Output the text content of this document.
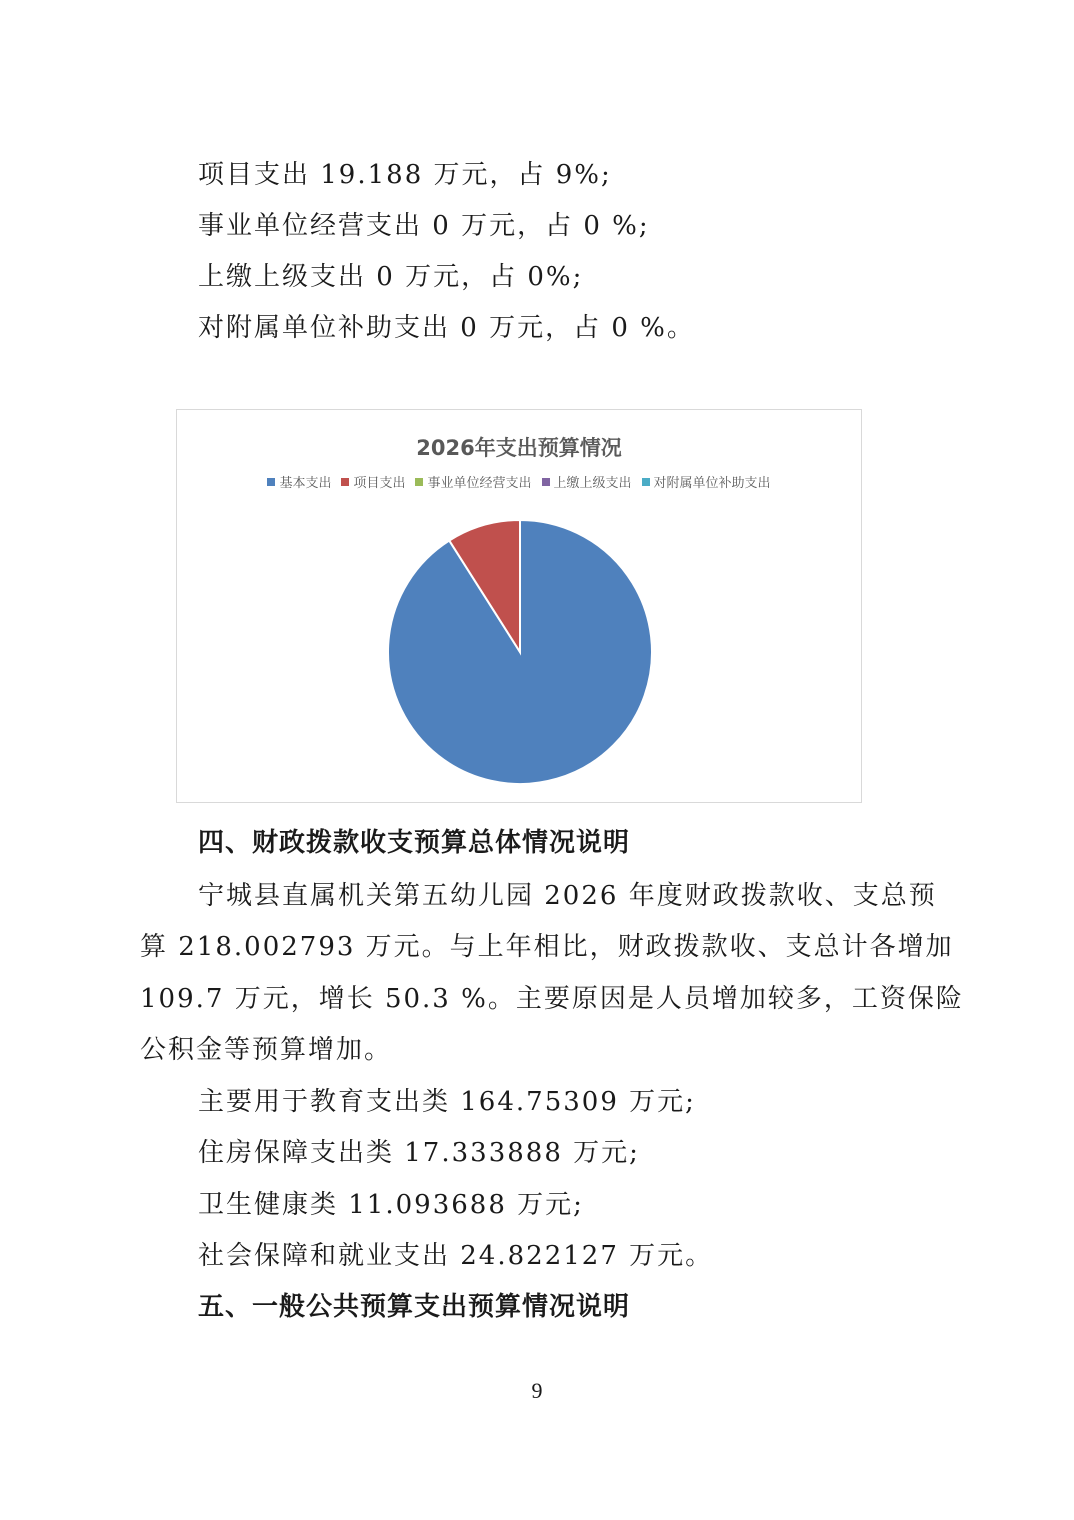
项目支出 19.188 万元，占 9%;
事业单位经营支出 0 万元，占 0 %;
上缴上级支出 0 万元，占 0%;
对附属单位补助支出 0 万元，占 0 %。
2026年支出预算情况
基本支出 项目支出 事业单位经营支出 上缴上级支出 对附属单位补助支出
四、财政拨款收支预算总体情况说明
宁城县直属机关第五幼儿园 2026 年度财政拨款收、支总预
算 218.002793 万元。与上年相比，财政拨款收、支总计各增加
109.7 万元，增长 50.3 %。主要原因是人员增加较多，工资保险
公积金等预算增加。
主要用于教育支出类 164.75309 万元;
住房保障支出类 17.333888 万元;
卫生健康类 11.093688 万元;
社会保障和就业支出 24.822127 万元。
五、一般公共预算支出预算情况说明
9
